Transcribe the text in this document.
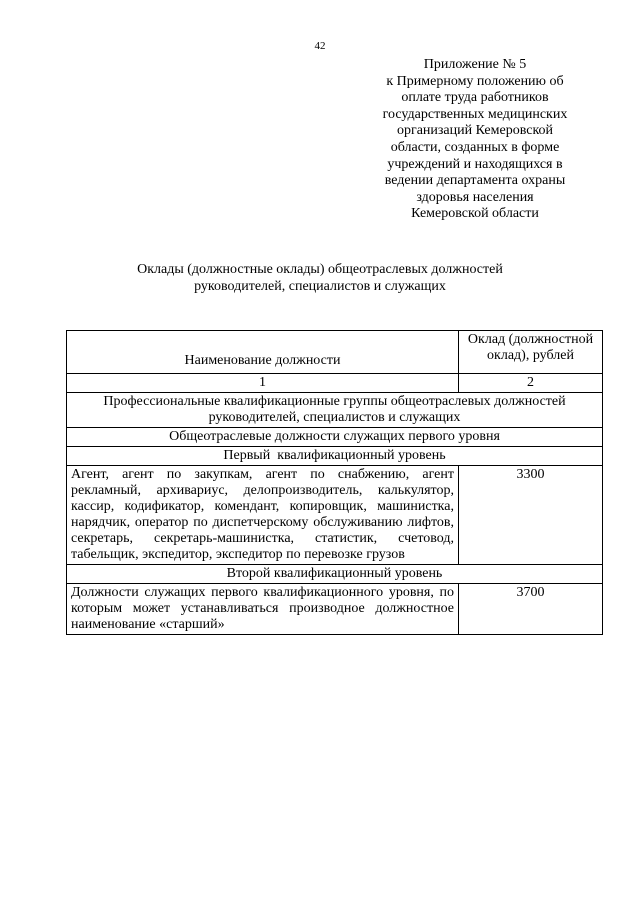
42
Приложение № 5
к Примерному положению об
оплате труда работников
государственных медицинских
организаций Кемеровской
области, созданных в форме
учреждений и находящихся в
ведении департамента охраны
здоровья населения
Кемеровской области
Оклады (должностные оклады) общеотраслевых должностей
руководителей, специалистов и служащих
Наименование должности	Оклад (должностной оклад), рублей
1	2
Профессиональные квалификационные группы общеотраслевых должностей руководителей, специалистов и служащих	
Общеотраслевые должности служащих первого уровня	
Первый  квалификационный уровень	
Агент, агент по закупкам, агент по снабжению, агент рекламный, архивариус, делопроизводитель, калькулятор, кассир, кодификатор, комендант, копировщик, машинистка, нарядчик, оператор по диспетчерскому обслуживанию лифтов, секретарь, секретарь-машинистка, статистик, счетовод, табельщик, экспедитор, экспедитор по перевозке грузов	3300
Второй квалификационный уровень	
Должности служащих первого квалификационного уровня, по которым может устанавливаться производное должностное наименование «старший»	3700
